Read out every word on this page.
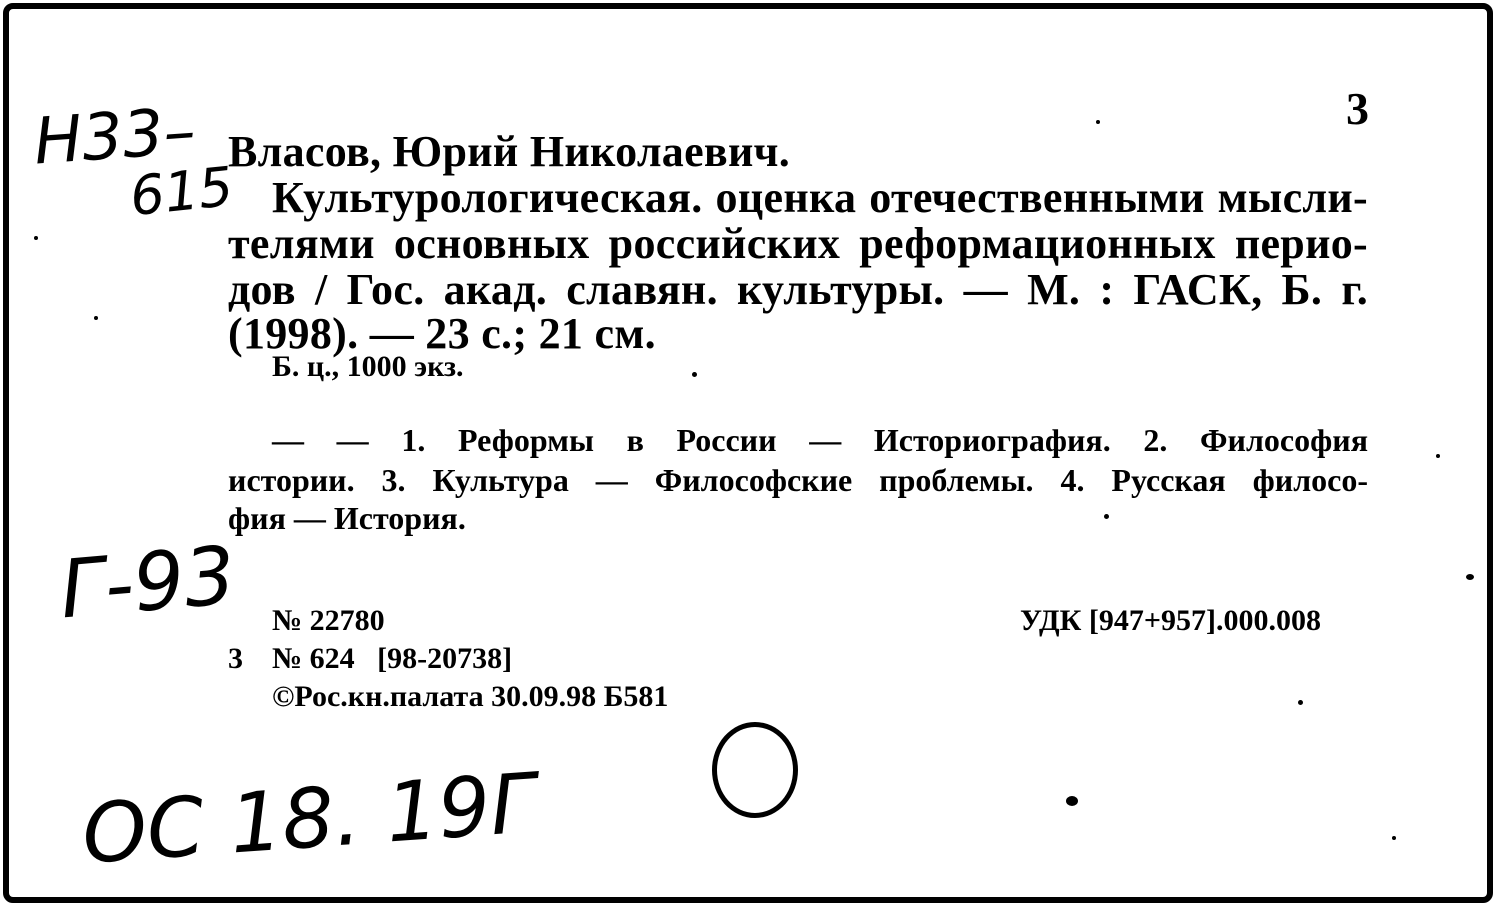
3
Н33–
615
Власов, Юрий Николаевич.
Культурологическая. оценка отечественными мысли-
телями основных российских реформационных перио-
дов / Гос. акад. славян. культуры. — М. : ГАСК, Б. г.
(1998). — 23 с.; 21 см.
Б. ц., 1000 экз.
— — 1. Реформы в России — Историография. 2. Философия
истории. 3. Культура — Философские проблемы. 4. Русская филосо-
фия — История.
Г-93 № 22780	УДК [947+957].000.008
3 № 624   [98-20738]
©Рос.кн.палата 30.09.98 Б581
ОС 18. 19Г
